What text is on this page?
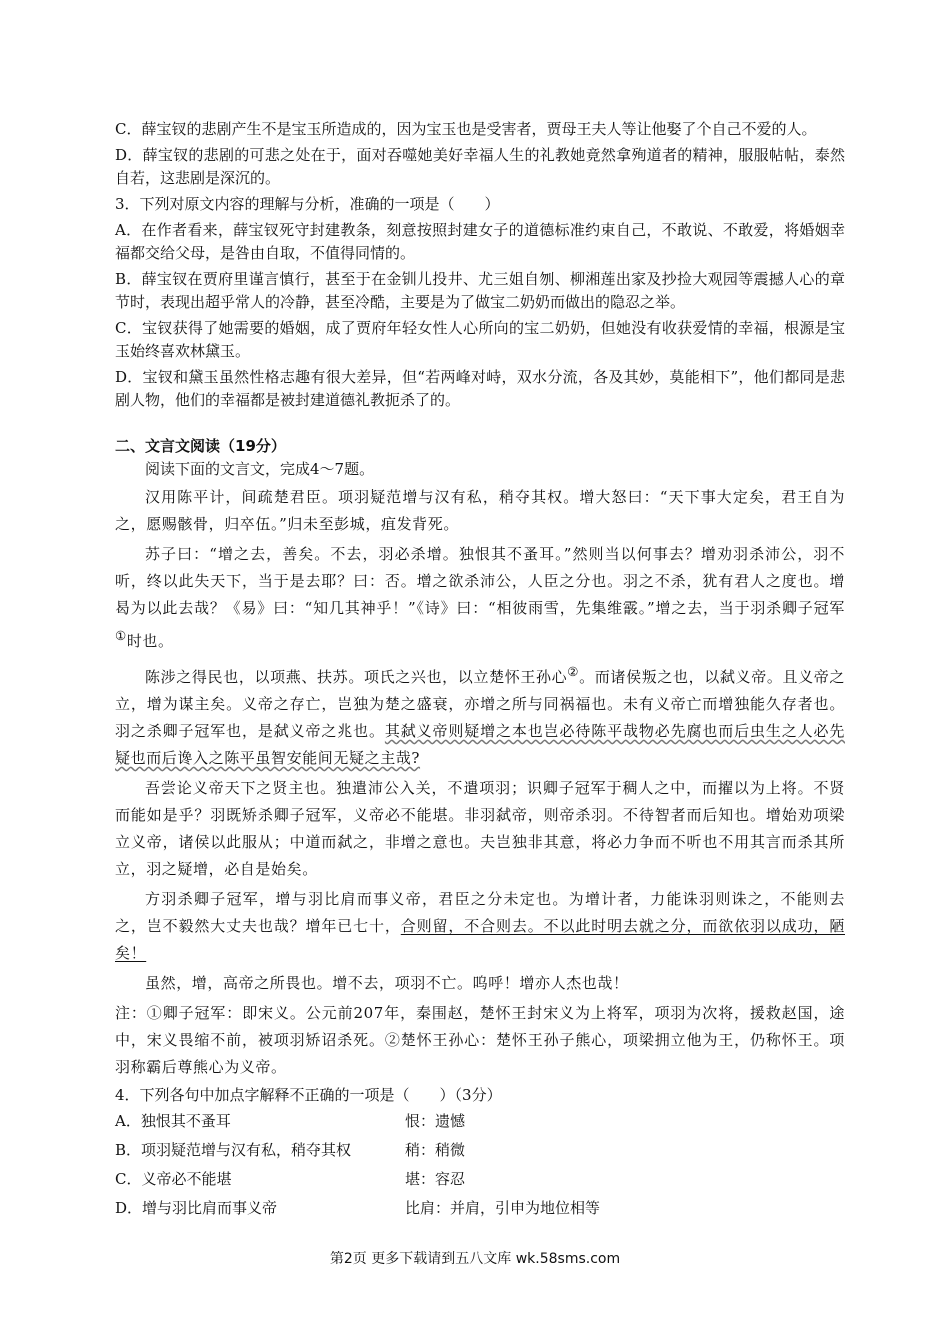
C．薛宝钗的悲剧产生不是宝玉所造成的，因为宝玉也是受害者，贾母王夫人等让他娶了个自己不爱的人。

D．薛宝钗的悲剧的可悲之处在于，面对吞噬她美好幸福人生的礼教她竟然拿殉道者的精神，服服帖帖，泰然自若，这悲剧是深沉的。

3．下列对原文内容的理解与分析，准确的一项是（　　）

A．在作者看来，薛宝钗死守封建教条，刻意按照封建女子的道德标准约束自己，不敢说、不敢爱，将婚姻幸福都交给父母，是咎由自取，不值得同情的。

B．薛宝钗在贾府里谨言慎行，甚至于在金钏儿投井、尤三姐自刎、柳湘莲出家及抄捡大观园等震撼人心的章节时，表现出超乎常人的冷静，甚至冷酷，主要是为了做宝二奶奶而做出的隐忍之举。

C．宝钗获得了她需要的婚姻，成了贾府年轻女性人心所向的宝二奶奶，但她没有收获爱情的幸福，根源是宝玉始终喜欢林黛玉。

D．宝钗和黛玉虽然性格志趣有很大差异，但“若两峰对峙，双水分流，各及其妙，莫能相下”，他们都同是悲剧人物，他们的幸福都是被封建道德礼教扼杀了的。

二、文言文阅读（19分）

阅读下面的文言文，完成4～7题。

汉用陈平计，间疏楚君臣。项羽疑范增与汉有私，稍夺其权。增大怒曰：“天下事大定矣，君王自为之，愿赐骸骨，归卒伍。”归未至彭城，疽发背死。

苏子曰：“增之去，善矣。不去，羽必杀增。独恨其不蚤耳。”然则当以何事去？增劝羽杀沛公，羽不听，终以此失天下，当于是去耶？曰：否。增之欲杀沛公，人臣之分也。羽之不杀，犹有君人之度也。增曷为以此去哉？《易》曰：“知几其神乎！”《诗》曰：“相彼雨雪，先集维霰。”增之去，当于羽杀卿子冠军①时也。

陈涉之得民也，以项燕、扶苏。项氏之兴也，以立楚怀王孙心②。而诸侯叛之也，以弑义帝。且义帝之立，增为谋主矣。义帝之存亡，岂独为楚之盛衰，亦增之所与同祸福也。未有义帝亡而增独能久存者也。羽之杀卿子冠军也，是弑义帝之兆也。其弑义帝则疑增之本也岂必待陈平哉物必先腐也而后虫生之人必先疑也而后谗入之陈平虽智安能间无疑之主哉?

吾尝论义帝天下之贤主也。独遣沛公入关，不遣项羽；识卿子冠军于稠人之中，而擢以为上将。不贤而能如是乎？羽既矫杀卿子冠军，义帝必不能堪。非羽弑帝，则帝杀羽。不待智者而后知也。增始劝项梁立义帝，诸侯以此服从；中道而弑之，非增之意也。夫岂独非其意，将必力争而不听也不用其言而杀其所立，羽之疑增，必自是始矣。

方羽杀卿子冠军，增与羽比肩而事义帝，君臣之分未定也。为增计者，力能诛羽则诛之，不能则去之，岂不毅然大丈夫也哉？增年已七十，合则留，不合则去。不以此时明去就之分，而欲依羽以成功，陋矣！

虽然，增，高帝之所畏也。增不去，项羽不亡。呜呼！增亦人杰也哉！

注：①卿子冠军：即宋义。公元前207年，秦围赵，楚怀王封宋义为上将军，项羽为次将，援救赵国，途中，宋义畏缩不前，被项羽矫诏杀死。②楚怀王孙心：楚怀王孙子熊心，项梁拥立他为王，仍称怀王。项羽称霸后尊熊心为义帝。

4．下列各句中加点字解释不正确的一项是（　　）（3分）

A．独恨其不蚤耳	恨：遗憾
B．项羽疑范增与汉有私，稍夺其权	稍：稍微
C．义帝必不能堪	堪：容忍
D．增与羽比肩而事义帝	比肩：并肩，引申为地位相等
第2页 更多下载请到五八文库 wk.58sms.com
